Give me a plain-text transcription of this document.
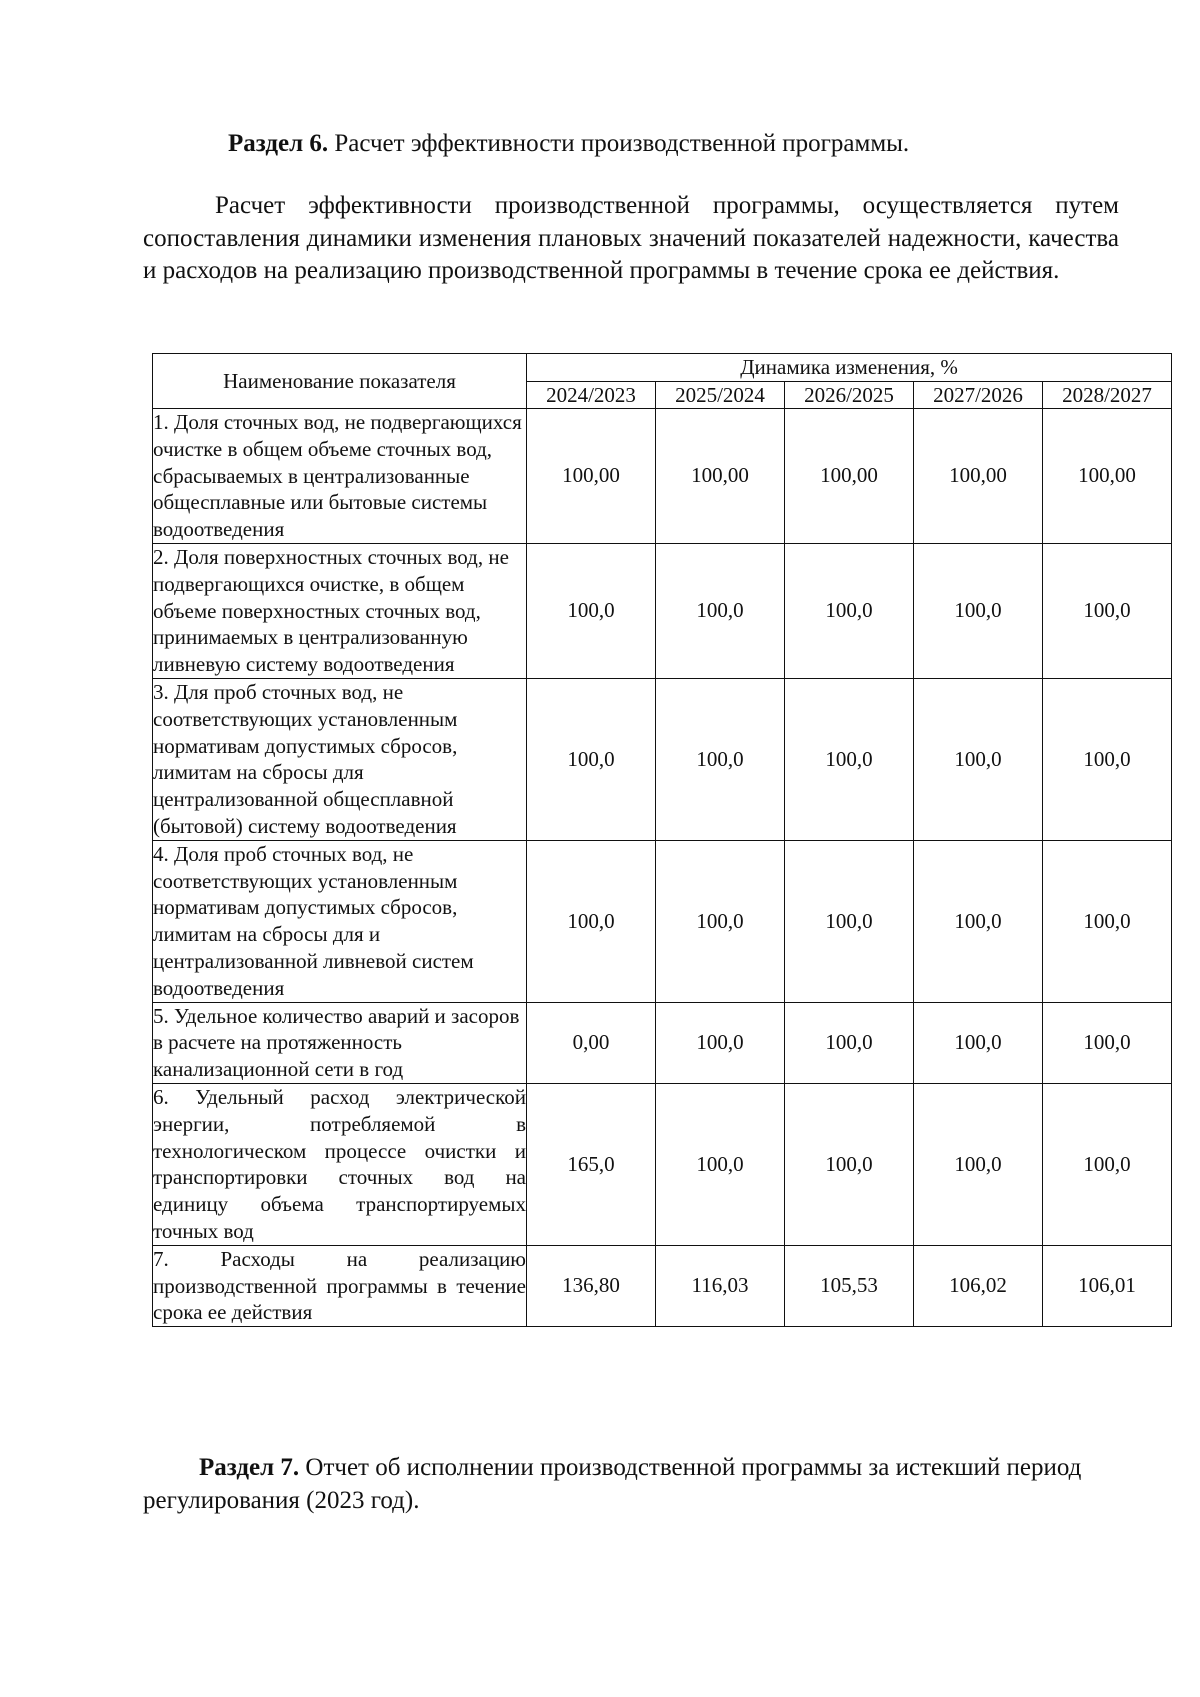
Раздел 6. Расчет эффективности производственной программы.
Расчет эффективности производственной программы, осуществляется путем сопоставления динамики изменения плановых значений показателей надежности, качества и расходов на реализацию производственной программы в течение срока ее действия.
Наименование показателя	Динамика изменения, %				
	2024/2023	2025/2024	2026/2025	2027/2026	2028/2027
1. Доля сточных вод, не подвергающихся очистке в общем объеме сточных вод, сбрасываемых в централизованные общесплавные или бытовые системы водоотведения	100,00	100,00	100,00	100,00	100,00
2. Доля поверхностных сточных вод, не подвергающихся очистке, в общем объеме поверхностных сточных вод, принимаемых в централизованную ливневую систему водоотведения	100,0	100,0	100,0	100,0	100,0
3. Для проб сточных вод, не соответствующих установленным нормативам допустимых сбросов, лимитам на сбросы для централизованной общесплавной (бытовой) систему водоотведения	100,0	100,0	100,0	100,0	100,0
4. Доля проб сточных вод, не соответствующих установленным нормативам допустимых сбросов, лимитам на сбросы для и централизованной ливневой систем водоотведения	100,0	100,0	100,0	100,0	100,0
5. Удельное количество аварий и засоров в расчете на протяженность канализационной сети в год	0,00	100,0	100,0	100,0	100,0
6. Удельный расход электрической энергии, потребляемой в технологическом процессе очистки и транспортировки сточных вод на единицу объема транспортируемых точных вод	165,0	100,0	100,0	100,0	100,0
7. Расходы на реализацию производственной программы в течение срока ее действия	136,80	116,03	105,53	106,02	106,01
Раздел 7. Отчет об исполнении производственной программы за истекший период регулирования (2023 год).
